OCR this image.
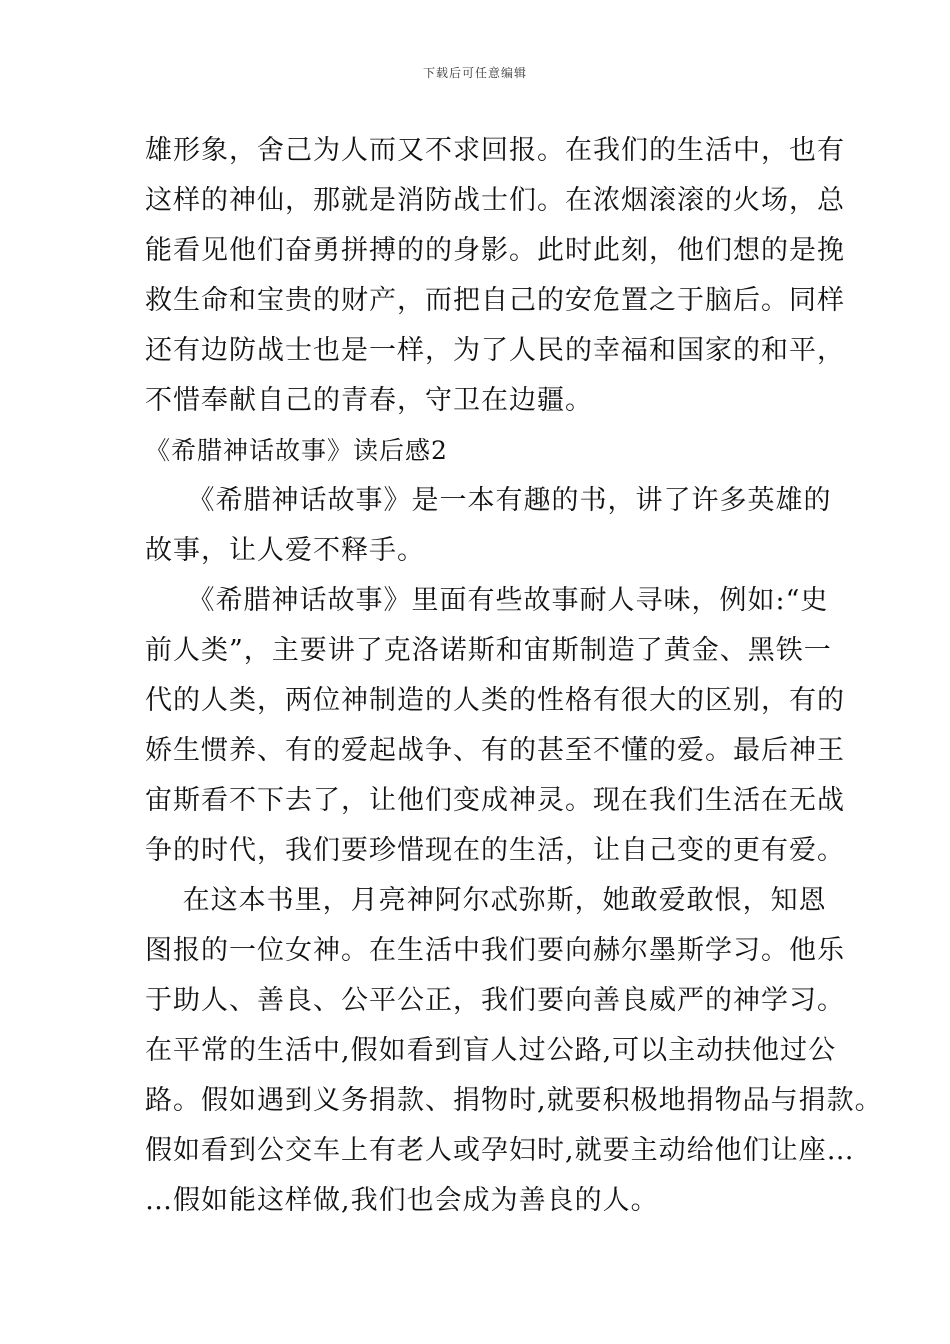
下载后可任意编辑
雄形象，舍己为人而又不求回报。在我们的生活中，也有
这样的神仙，那就是消防战士们。在浓烟滚滚的火场，总
能看见他们奋勇拼搏的的身影。此时此刻，他们想的是挽
救生命和宝贵的财产，而把自己的安危置之于脑后。同样
还有边防战士也是一样，为了人民的幸福和国家的和平，
不惜奉献自己的青春，守卫在边疆。
《希腊神话故事》读后感2
　　《希腊神话故事》是一本有趣的书，讲了许多英雄的
故事，让人爱不释手。
　　《希腊神话故事》里面有些故事耐人寻味，例如:“史
前人类”，主要讲了克洛诺斯和宙斯制造了黄金、黑铁一
代的人类，两位神制造的人类的性格有很大的区别，有的
娇生惯养、有的爱起战争、有的甚至不懂的爱。最后神王
宙斯看不下去了，让他们变成神灵。现在我们生活在无战
争的时代，我们要珍惜现在的生活，让自己变的更有爱。
　 在这本书里，月亮神阿尔忒弥斯，她敢爱敢恨，知恩
图报的一位女神。在生活中我们要向赫尔墨斯学习。他乐
于助人、善良、公平公正，我们要向善良威严的神学习。
在平常的生活中,假如看到盲人过公路,可以主动扶他过公
路。假如遇到义务捐款、捐物时,就要积极地捐物品与捐款。
假如看到公交车上有老人或孕妇时,就要主动给他们让座…
…假如能这样做,我们也会成为善良的人。
